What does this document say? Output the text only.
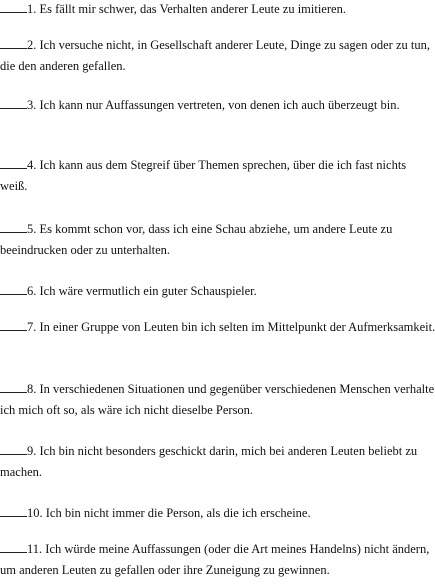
1. Es fällt mir schwer, das Verhalten anderer Leute zu imitieren.
2. Ich versuche nicht, in Gesellschaft anderer Leute, Dinge zu sagen oder zu tun, die den anderen gefallen.
3. Ich kann nur Auffassungen vertreten, von denen ich auch überzeugt bin.
4. Ich kann aus dem Stegreif über Themen sprechen, über die ich fast nichts weiß.
5. Es kommt schon vor, dass ich eine Schau abziehe, um andere Leute zu beeindrucken oder zu unterhalten.
6. Ich wäre vermutlich ein guter Schauspieler.
7. In einer Gruppe von Leuten bin ich selten im Mittelpunkt der Aufmerksamkeit.
8. In verschiedenen Situationen und gegenüber verschiedenen Menschen verhalte ich mich oft so, als wäre ich nicht dieselbe Person.
9. Ich bin nicht besonders geschickt darin, mich bei anderen Leuten beliebt zu machen.
10. Ich bin nicht immer die Person, als die ich erscheine.
11. Ich würde meine Auffassungen (oder die Art meines Handelns) nicht ändern, um anderen Leuten zu gefallen oder ihre Zuneigung zu gewinnen.
